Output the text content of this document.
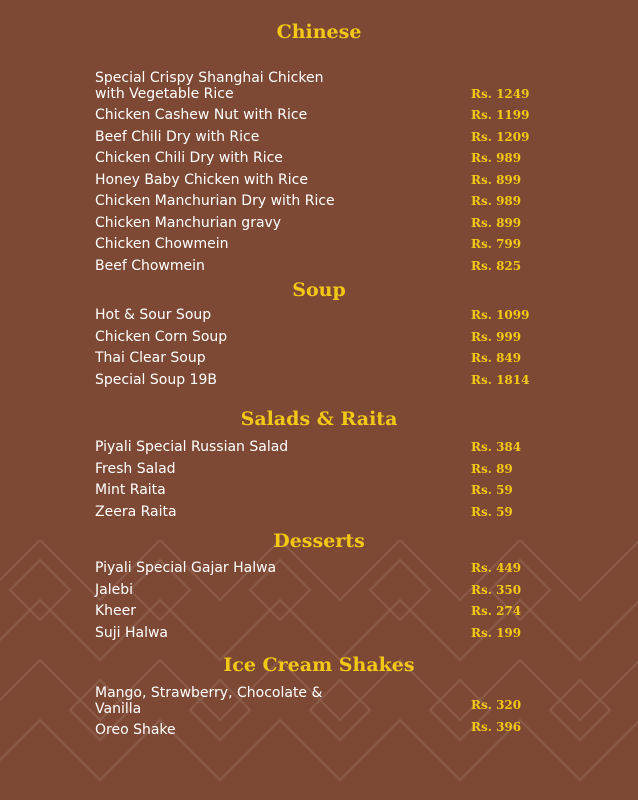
Chinese
Special Crispy Shanghai Chicken with Vegetable Rice	Rs. 1249
Chicken Cashew Nut with Rice	Rs. 1199
Beef Chili Dry with Rice	Rs. 1209
Chicken Chili Dry with Rice	Rs. 989
Honey Baby Chicken with Rice	Rs. 899
Chicken Manchurian Dry with Rice	Rs. 989
Chicken Manchurian gravy	Rs. 899
Chicken Chowmein	Rs. 799
Beef Chowmein	Rs. 825
Soup
Hot & Sour Soup	Rs. 1099
Chicken Corn Soup	Rs. 999
Thai Clear Soup	Rs. 849
Special Soup 19B	Rs. 1814
Salads & Raita
Piyali Special Russian Salad	Rs. 384
Fresh Salad	Rs. 89
Mint Raita	Rs. 59
Zeera Raita	Rs. 59
Desserts
Piyali Special Gajar Halwa	Rs. 449
Jalebi	Rs. 350
Kheer	Rs. 274
Suji Halwa	Rs. 199
Ice Cream Shakes
Mango, Strawberry, Chocolate & Vanilla	Rs. 320
Oreo Shake	Rs. 396
